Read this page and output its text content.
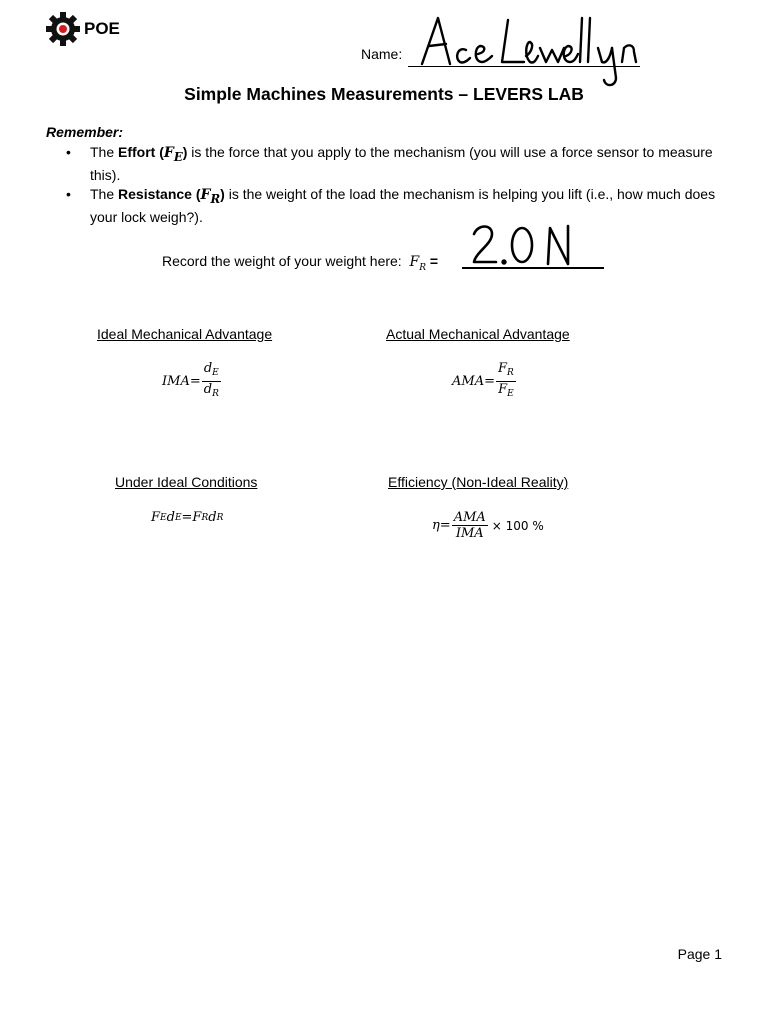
POE
Name:
Simple Machines Measurements – LEVERS LAB
Remember:
• The Effort $(F_E)$ is the force that you apply to the mechanism (you will use a force sensor to measure this).
• The Resistance $(F_R)$ is the weight of the load the mechanism is helping you lift (i.e., how much does your lock weigh?).
Record the weight of your weight here: $F_R$ =
Ideal Mechanical Advantage
IMA = $\frac{d_E}{d_R}$
Actual Mechanical Advantage
AMA = $\frac{F_R}{F_E}$
Under Ideal Conditions
F E d E = F R d R
Efficiency (Non-Ideal Reality)
$\eta = \frac{\text{AMA}}{\text{IMA}} \times 100$ %
Page 1
